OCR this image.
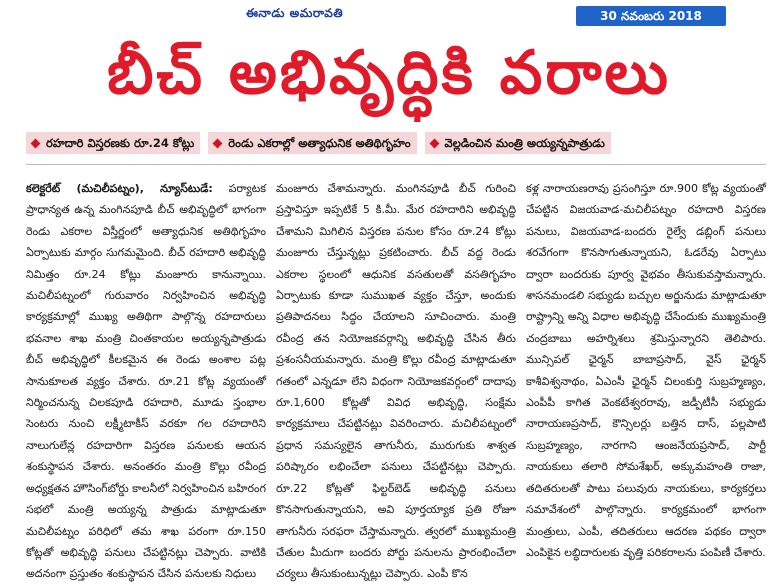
ఈనాడు అమరావతి	30 నవంబరు 2018
బీచ్ అభివృద్ధికి వరాలు
రహదారి విస్తరణకు రూ.24 కోట్లు	రెండు ఎకరాల్లో అత్యాధునిక అతిథిగృహం	వెల్లడించిన మంత్రి అయ్యన్నపాత్రుడు
కలెక్టరేట్ (మచిలీపట్నం), న్యూస్‌టుడే: పర్యాటక ప్రాధాన్యత ఉన్న మంగినపూడి బీచ్ అభివృద్ధిలో భాగంగా రెండు ఎకరాల విస్తీర్ణంలో అత్యాధునిక అతిథిగృహం ఏర్పాటుకు మార్గం సుగమమైంది. బీచ్ రహదారి అభివృద్ధి నిమిత్తం రూ.24 కోట్లు మంజూరు కానున్నాయి. మచిలీపట్నంలో గురువారం నిర్వహించిన అభివృద్ధి కార్యక్రమాల్లో ముఖ్య అతిథిగా పాల్గొన్న రహదారులు భవనాల శాఖ మంత్రి చింతకాయల అయ్యన్నపాత్రుడు బీచ్ అభివృద్ధిలో కీలకమైన ఈ రెండు అంశాల పట్ల సానుకూలత వ్యక్తం చేశారు. రూ.21 కోట్ల వ్యయంతో నిర్మించనున్న చిలకపూడి రహదారి, మూడు స్తంభాల సెంటరు నుంచి లక్ష్మీటాకీస్ వరకూ గల రహదారిని నాలుగులేన్ల రహదారిగా విస్తరణ పనులకు ఆయన శంకుస్థాపన చేశారు. అనంతరం మంత్రి కొల్లు రవీంద్ర అధ్యక్షతన హౌసింగ్‌బోర్డు కాలనీలో నిర్వహించిన బహిరంగ సభలో మంత్రి అయ్యన్న పాత్రుడు మాట్లాడుతూ మచిలీపట్నం పరిధిలో తమ శాఖ పరంగా రూ.150 కోట్లతో అభివృద్ధి పనులు చేపట్టినట్లు చెప్పారు. వాటికి అదనంగా ప్రస్తుతం శంకుస్థాపన చేసిన పనులకు నిధులు
మంజూరు చేశామన్నారు. మంగినపూడి బీచ్ గురించి ప్రస్తావిస్తూ ఇప్పటికే 5 కి.మీ. మేర రహదారిని అభివృద్ధి చేశామని మిగిలిన విస్తరణ పనుల కోసం రూ.24 కోట్లు మంజూరు చేస్తున్నట్లు ప్రకటించారు. బీచ్ వద్ద రెండు ఎకరాల స్థలంలో ఆధునిక వసతులతో వసతిగృహం ఏర్పాటుకు కూడా సుముఖత వ్యక్తం చేస్తూ, అందుకు ప్రతిపాదనలు సిద్ధం చేయాలని సూచించారు. మంత్రి రవీంద్ర తన నియోజకవర్గాన్ని అభివృద్ధి చేసిన తీరు ప్రశంసనీయమన్నారు. మంత్రి కొల్లు రవీంద్ర మాట్లాడుతూ గతంలో ఎన్నడూ లేని విధంగా నియోజకవర్గంలో దాదాపు రూ.1,600 కోట్లతో వివిధ అభివృద్ధి, సంక్షేమ కార్యక్రమాలు చేపట్టినట్లు వివరించారు. మచిలీపట్నంలో ప్రధాన సమస్యలైన తాగునీరు, మురుగుకు శాశ్వత పరిష్కారం లభించేలా పనులు చేపట్టినట్లు చెప్పారు. రూ.22 కోట్లతో ఫిల్టర్‌బెడ్ అభివృద్ధి పనులు కొనసాగుతున్నాయని, అవి పూర్తయ్యాక ప్రతి రోజూ తాగునీరు సరఫరా చేస్తామన్నారు. త్వరలో ముఖ్యమంత్రి చేతుల మీదుగా బందరు పోర్టు పనులను ప్రారంభించేలా చర్యలు తీసుకుంటున్నట్లు చెప్పారు. ఎంపీ కొన
కళ్ల నారాయణరావు ప్రసంగిస్తూ రూ.900 కోట్ల వ్యయంతో చేపట్టిన విజయవాడ-మచిలీపట్నం రహదారి విస్తరణ పనులు, విజయవాడ-బందరు రైల్వే డబ్లింగ్ పనులు శరవేగంగా కొనసాగుతున్నాయని, ఓడరేవు ఏర్పాటు ద్వారా బందరుకు పూర్వ వైభవం తీసుకువస్తామన్నారు. శాసనమండలి సభ్యుడు బచ్చుల అర్జునుడు మాట్లాడుతూ రాష్ట్రాన్ని అన్ని విధాల అభివృద్ధి చేసేందుకు ముఖ్యమంత్రి చంద్రబాబు అహర్నిశలు శ్రమిస్తున్నారని తెలిపారు. మున్సిపల్ ఛైర్మన్ బాబాప్రసాద్, వైస్ ఛైర్మన్ కాశీవిశ్వనాథం, ఏఎంసీ ఛైర్మన్ చిలంకుర్తి సుబ్రహ్మణ్యం, ఎంపీపీ కాగిత వెంకటేశ్వరరావు, జడ్పీటీసీ సభ్యుడు నారాయణప్రసాద్, కౌన్సిలర్లు బత్తిన దాస్, పల్లపాటి సుబ్రహ్మణ్యం, నారగాని ఆంజనేయప్రసాద్, పార్టీ నాయకులు తలారి సోమశేఖర్, అక్కుమహంతి రాజా, తదితరులతో పాటు పలువురు నాయకులు, కార్యకర్తలు సమావేశంలో పాల్గొన్నారు. కార్యక్రమంలో భాగంగా మంత్రులు, ఎంపీ, తదితరులు ఆదరణ పథకం ద్వారా ఎంపికైన లబ్ధిదారులకు వృత్తి పరికరాలను పంపిణీ చేశారు.
